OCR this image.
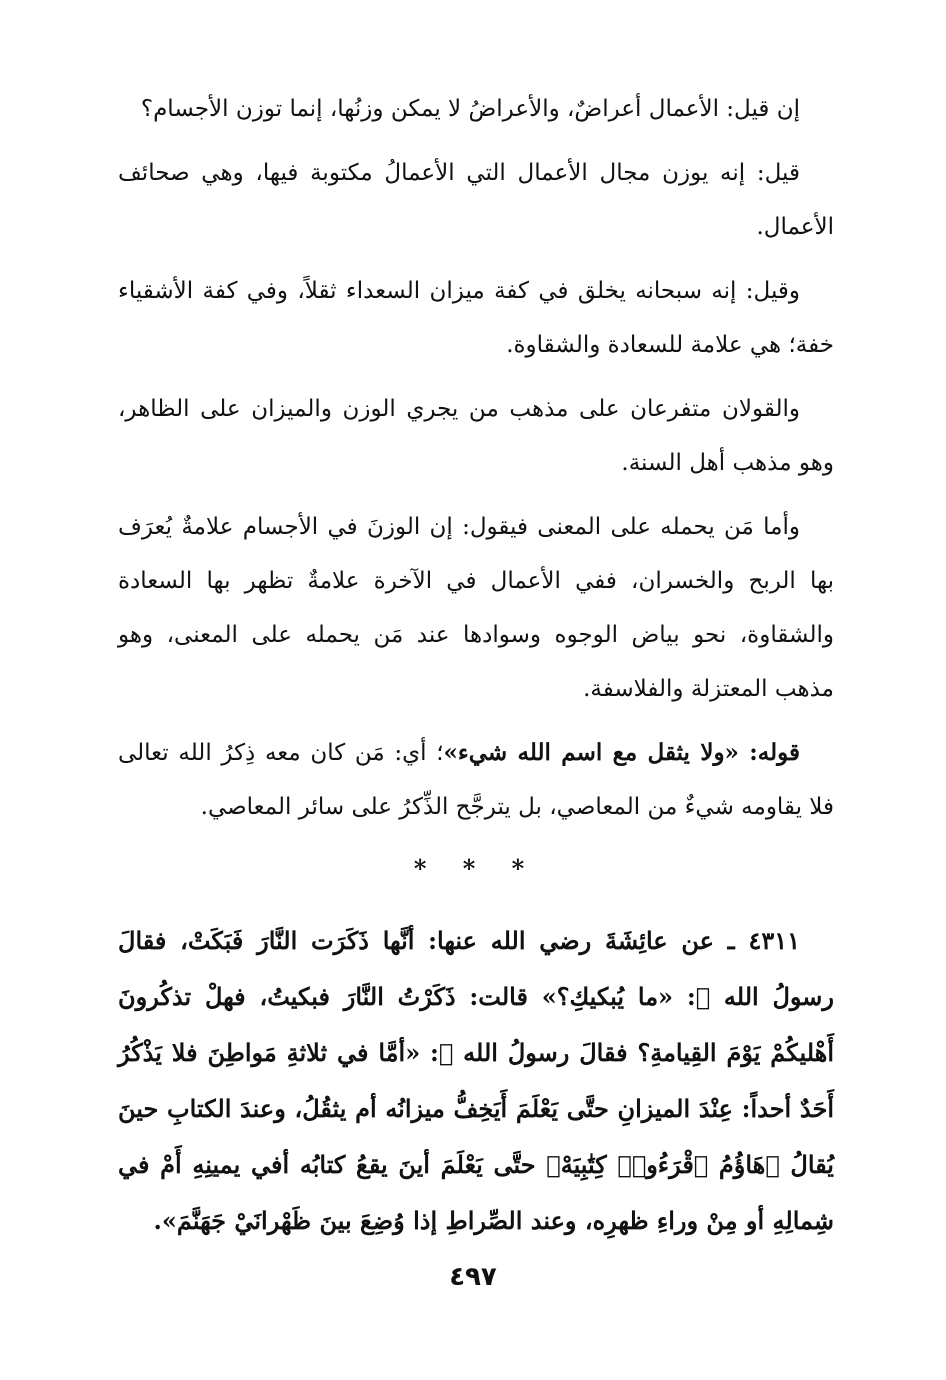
إن قيل: الأعمال أعراضٌ، والأعراضُ لا يمكن وزنُها، إنما توزن الأجسام؟

قيل: إنه يوزن مجال الأعمال التي الأعمالُ مكتوبة فيها، وهي صحائف الأعمال.

وقيل: إنه سبحانه يخلق في كفة ميزان السعداء ثقلاً، وفي كفة الأشقياء خفة؛ هي علامة للسعادة والشقاوة.

والقولان متفرعان على مذهب من يجري الوزن والميزان على الظاهر، وهو مذهب أهل السنة.

وأما مَن يحمله على المعنى فيقول: إن الوزنَ في الأجسام علامةٌ يُعرَف بها الربح والخسران، ففي الأعمال في الآخرة علامةٌ تظهر بها السعادة والشقاوة، نحو بياض الوجوه وسوادها عند مَن يحمله على المعنى، وهو مذهب المعتزلة والفلاسفة.

قوله: «ولا يثقل مع اسم الله شيء»؛ أي: مَن كان معه ذِكرُ الله تعالى فلا يقاومه شيءٌ من المعاصي، بل يترجَّح الذِّكرُ على سائر المعاصي.

* * *

٤٣١١ ـ عن عائِشَةَ رضي الله عنها: أنَّها ذَكَرَت النَّارَ فَبَكَتْ، فقالَ رسولُ الله ﷺ: «ما يُبكيكِ؟» قالت: ذَكَرْتُ النَّارَ فبكيتُ، فهلْ تذكُرونَ أَهْليكُمْ يَوْمَ القِيامةِ؟ فقالَ رسولُ الله ﷺ: «أمَّا في ثلاثةِ مَواطِنَ فلا يَذْكُرُ أَحَدٌ أحداً: عِنْدَ الميزانِ حتَّى يَعْلَمَ أَيَخِفُّ ميزانُه أم يثقُلُ، وعندَ الكتابِ حينَ يُقالُ ﴿هَاؤُمُ ٱقْرَءُوا۟ كِتَٰبِيَهْ﴾ حتَّى يَعْلَمَ أينَ يقعُ كتابُه أفي يمينِهِ أَمْ في شِمالِهِ أو مِنْ وراءِ ظهرِه، وعند الصِّراطِ إذا وُضِعَ بينَ ظَهْرانَيْ جَهَنَّمَ».

٤٩٧
